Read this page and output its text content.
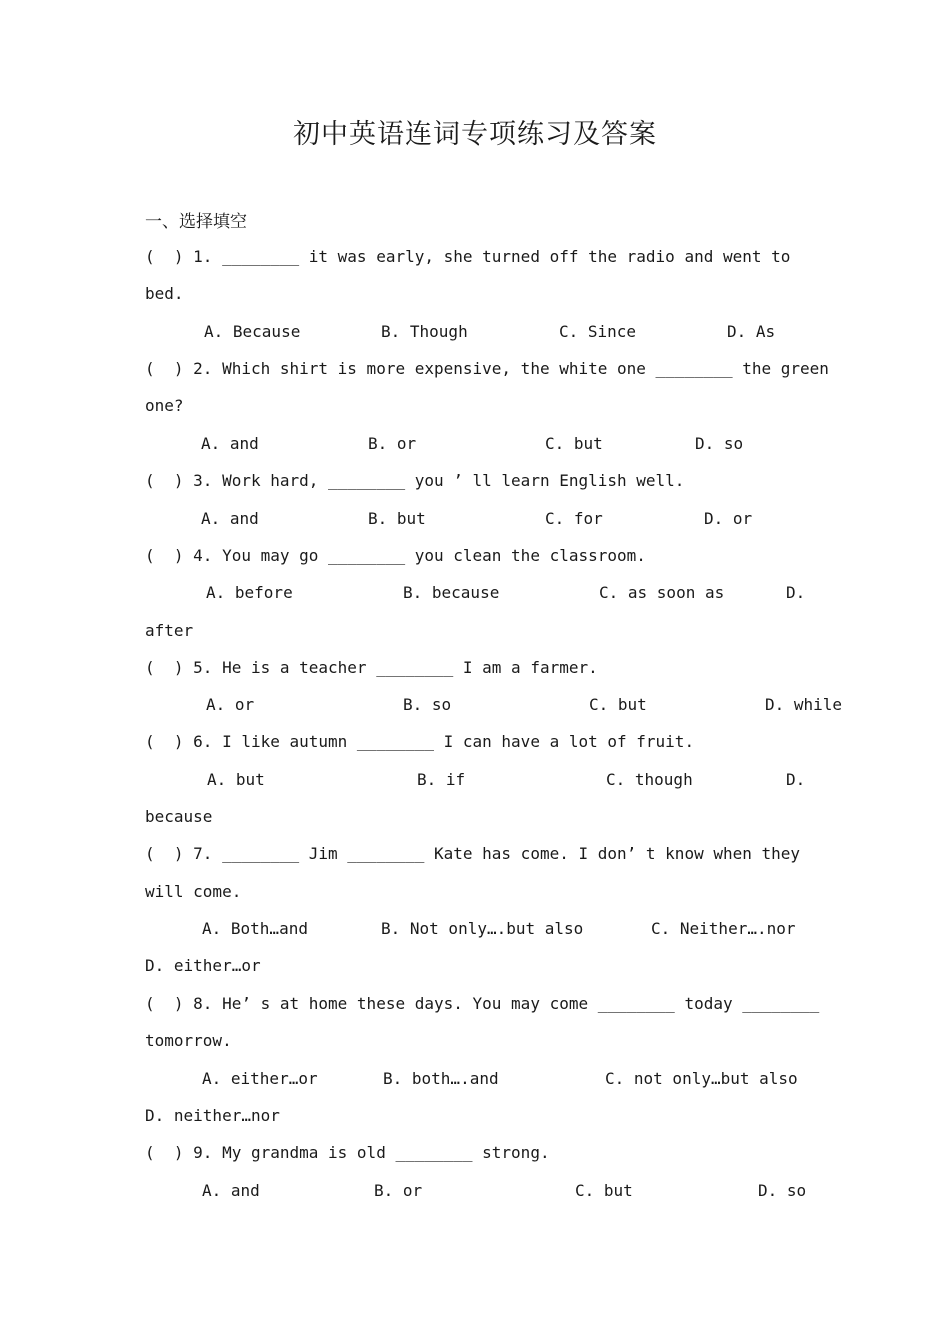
初中英语连词专项练习及答案
一、选择填空

(  ) 1. ________ it was early, she turned off the radio and went to

bed.

A. Because	B. Though	C. Since	D. As

(  ) 2. Which shirt is more expensive, the white one ________ the green

one?

A. and	B. or	C. but	D. so

(  ) 3. Work hard, ________ you ’ ll learn English well.

A. and	B. but	C. for	D. or

(  ) 4. You may go ________ you clean the classroom.

A. before	B. because	C. as soon as	D.
after

(  ) 5. He is a teacher ________ I am a farmer.

A. or	B. so	C. but	D. while

(  ) 6. I like autumn ________ I can have a lot of fruit.

A. but	B. if	C. though	D.
because

(  ) 7. ________ Jim ________ Kate has come. I don’ t know when they

will come.

A. Both…and	B. Not only….but also	C. Neither….nor
D. either…or

(  ) 8. He’ s at home these days. You may come ________ today ________

tomorrow.

A. either…or	B. both….and	C. not only…but also
D. neither…nor

(  ) 9. My grandma is old ________ strong.

A. and	B. or	C. but	D. so
